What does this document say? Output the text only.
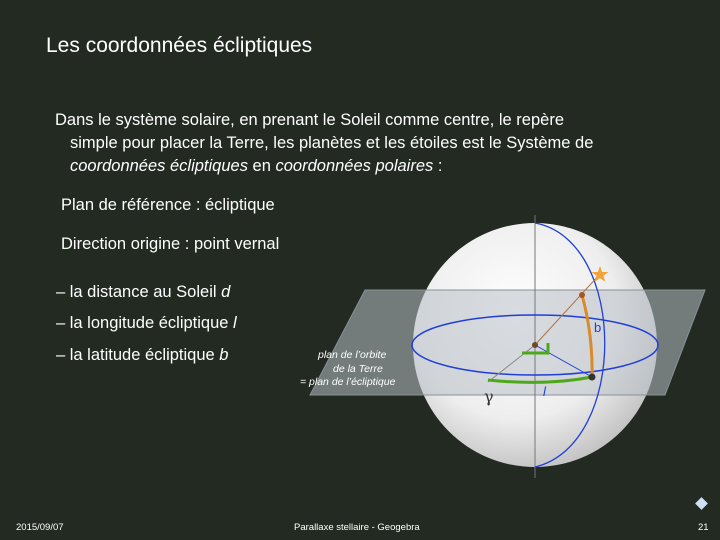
Les coordonnées écliptiques
Dans le système solaire, en prenant le Soleil comme centre, le repère
simple pour placer la Terre, les planètes et les étoiles est le Système de
coordonnées écliptiques en coordonnées polaires :
Plan de référence : écliptique
Direction origine : point vernal
– la distance au Soleil d
– la longitude écliptique l
– la latitude écliptique b	plan de l’orbite
de la Terre
= plan de l’écliptique
b
l
γ
2015/09/07	Parallaxe stellaire - Geogebra	21
